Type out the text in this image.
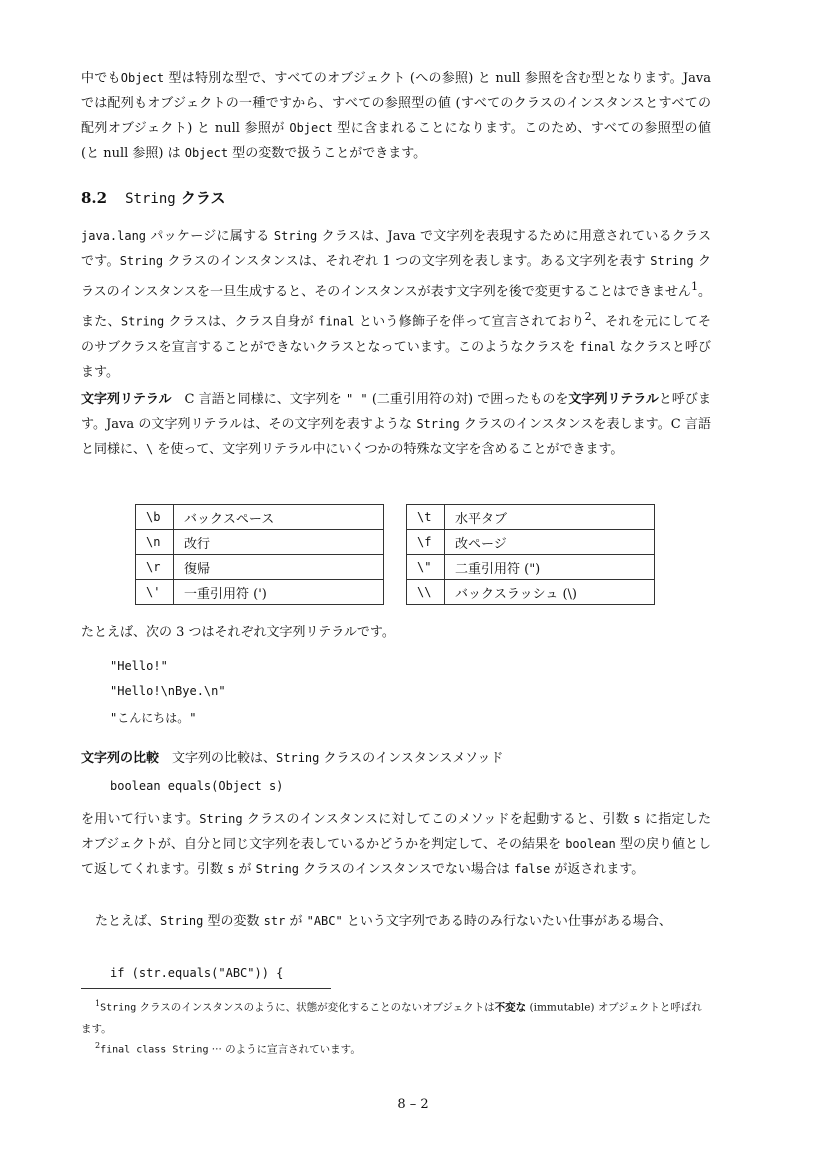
中でもObject 型は特別な型で、すべてのオブジェクト (への参照) と null 参照を含む型となります。Java では配列もオブジェクトの一種ですから、すべての参照型の値 (すべてのクラスのインスタンスとすべての配列オブジェクト) と null 参照が Object 型に含まれることになります。このため、すべての参照型の値 (と null 参照) は Object 型の変数で扱うことができます。
8.2 String クラス
java.lang パッケージに属する String クラスは、Java で文字列を表現するために用意されているクラスです。String クラスのインスタンスは、それぞれ 1 つの文字列を表します。ある文字列を表す String クラスのインスタンスを一旦生成すると、そのインスタンスが表す文字列を後で変更することはできません$^1$。また、String クラスは、クラス自身が final という修飾子を伴って宣言されており$^2$、それを元にしてそのサブクラスを宣言することができないクラスとなっています。このようなクラスを final なクラスと呼びます。
文字列リテラル　C 言語と同様に、文字列を " " (二重引用符の対) で囲ったものを文字列リテラルと呼びます。Java の文字列リテラルは、その文字列を表すような String クラスのインスタンスを表します。C 言語と同様に、\ を使って、文字列リテラル中にいくつかの特殊な文字を含めることができます。
\b	バックスペース
\n	改行
\r	復帰
\'	一重引用符 (')
\t	水平タブ
\f	改ページ
\"	二重引用符 (")
\\	バックスラッシュ (\)
たとえば、次の 3 つはそれぞれ文字列リテラルです。
"Hello!"
"Hello!\nBye.\n"
"こんにちは。"
文字列の比較　文字列の比較は、String クラスのインスタンスメソッド
boolean equals(Object s)
を用いて行います。String クラスのインスタンスに対してこのメソッドを起動すると、引数 s に指定したオブジェクトが、自分と同じ文字列を表しているかどうかを判定して、その結果を boolean 型の戻り値として返してくれます。引数 s が String クラスのインスタンスでない場合は false が返されます。
たとえば、String 型の変数 str が "ABC" という文字列である時のみ行ないたい仕事がある場合、
if (str.equals("ABC")) {
$^1$String クラスのインスタンスのように、状態が変化することのないオブジェクトは不変な (immutable) オブジェクトと呼ばれます。
$^2$final class String ··· のように宣言されています。
8 – 2
